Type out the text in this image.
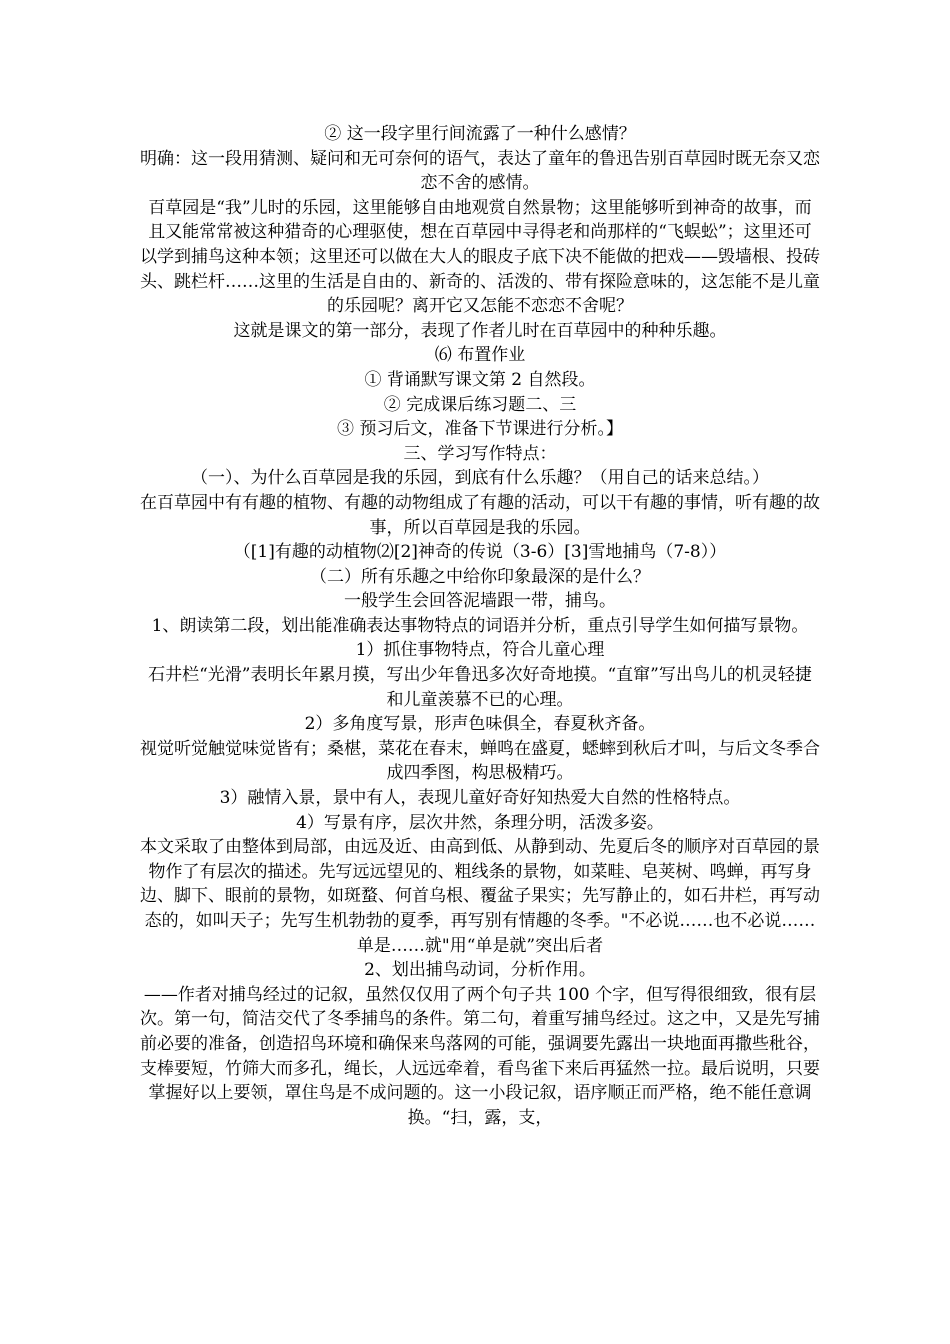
② 这一段字里行间流露了一种什么感情？

明确：这一段用猜测、疑问和无可奈何的语气，表达了童年的鲁迅告别百草园时既无奈又恋恋不舍的感情。

百草园是“我”儿时的乐园，这里能够自由地观赏自然景物；这里能够听到神奇的故事，而且又能常常被这种猎奇的心理驱使，想在百草园中寻得老和尚那样的“飞蜈蚣”；这里还可以学到捕鸟这种本领；这里还可以做在大人的眼皮子底下决不能做的把戏——毁墙根、投砖头、跳栏杆……这里的生活是自由的、新奇的、活泼的、带有探险意味的，这怎能不是儿童的乐园呢？离开它又怎能不恋恋不舍呢？

这就是课文的第一部分，表现了作者儿时在百草园中的种种乐趣。

⑹ 布置作业

① 背诵默写课文第 2 自然段。

② 完成课后练习题二、三

③ 预习后文，准备下节课进行分析。】

三、学习写作特点：

（一）、为什么百草园是我的乐园，到底有什么乐趣？（用自己的话来总结。）

在百草园中有有趣的植物、有趣的动物组成了有趣的活动，可以干有趣的事情，听有趣的故事，所以百草园是我的乐园。

（[1]有趣的动植物⑵[2]神奇的传说（3-6）[3]雪地捕鸟（7-8））

（二）所有乐趣之中给你印象最深的是什么？

一般学生会回答泥墙跟一带，捕鸟。

1、朗读第二段，划出能准确表达事物特点的词语并分析，重点引导学生如何描写景物。

1）抓住事物特点，符合儿童心理

石井栏“光滑”表明长年累月摸，写出少年鲁迅多次好奇地摸。“直窜”写出鸟儿的机灵轻捷和儿童羡慕不已的心理。

2）多角度写景，形声色味俱全，春夏秋齐备。

视觉听觉触觉味觉皆有；桑椹，菜花在春末，蝉鸣在盛夏，蟋蟀到秋后才叫，与后文冬季合成四季图，构思极精巧。

3）融情入景，景中有人，表现儿童好奇好知热爱大自然的性格特点。

4）写景有序，层次井然，条理分明，活泼多姿。

本文采取了由整体到局部，由远及近、由高到低、从静到动、先夏后冬的顺序对百草园的景物作了有层次的描述。先写远远望见的、粗线条的景物，如菜畦、皂荚树、鸣蝉，再写身边、脚下、眼前的景物，如斑蝥、何首乌根、覆盆子果实；先写静止的，如石井栏，再写动态的，如叫天子；先写生机勃勃的夏季，再写别有情趣的冬季。"不必说……也不必说……单是……就"用“单是就”突出后者

2、划出捕鸟动词，分析作用。

——作者对捕鸟经过的记叙，虽然仅仅用了两个句子共 100 个字，但写得很细致，很有层次。第一句，简洁交代了冬季捕鸟的条件。第二句，着重写捕鸟经过。这之中，又是先写捕前必要的准备，创造招鸟环境和确保来鸟落网的可能，强调要先露出一块地面再撒些秕谷，支棒要短，竹筛大而多孔，绳长，人远远牵着，看鸟雀下来后再猛然一拉。最后说明，只要掌握好以上要领，罩住鸟是不成问题的。这一小段记叙，语序顺正而严格，绝不能任意调换。“扫，露，支，
